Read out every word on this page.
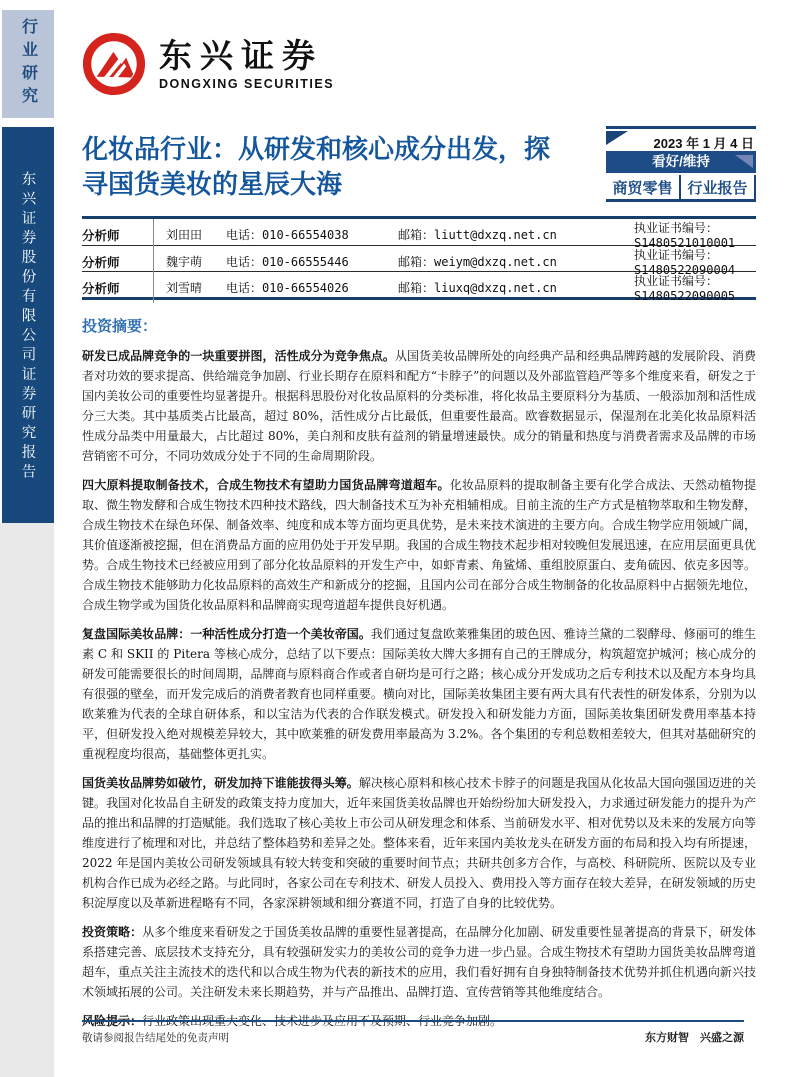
行业研究
东兴证券股份有限公司证券研究报告
东兴证券
DONGXING SECURITIES
化妆品行业：从研发和核心成分出发，探
寻国货美妆的星辰大海
2023 年 1 月 4 日
看好/维持
商贸零售 行业报告
分析师	刘田田	电话：010-66554038	邮箱：liutt@dxzq.net.cn	执业证书编号：S1480521010001
分析师	魏宇萌	电话：010-66555446	邮箱：weiym@dxzq.net.cn	执业证书编号：S1480522090004
分析师	刘雪晴	电话：010-66554026	邮箱：liuxq@dxzq.net.cn	执业证书编号：S1480522090005
投资摘要：

研发已成品牌竞争的一块重要拼图，活性成分为竞争焦点。从国货美妆品牌所处的向经典产品和经典品牌跨越的发展阶段、消费者对功效的要求提高、供给端竞争加剧、行业长期存在原料和配方“卡脖子”的问题以及外部监管趋严等多个维度来看，研发之于国内美妆公司的重要性均显著提升。根据科思股份对化妆品原料的分类标准，将化妆品主要原料分为基质、一般添加剂和活性成分三大类。其中基质类占比最高，超过 80%，活性成分占比最低，但重要性最高。欧睿数据显示，保湿剂在北美化妆品原料活性成分品类中用量最大，占比超过 80%，美白剂和皮肤有益剂的销量增速最快。成分的销量和热度与消费者需求及品牌的市场营销密不可分，不同功效成分处于不同的生命周期阶段。

四大原料提取制备技术，合成生物技术有望助力国货品牌弯道超车。化妆品原料的提取制备主要有化学合成法、天然动植物提取、微生物发酵和合成生物技术四种技术路线，四大制备技术互为补充相辅相成。目前主流的生产方式是植物萃取和生物发酵，合成生物技术在绿色环保、制备效率、纯度和成本等方面均更具优势，是未来技术演进的主要方向。合成生物学应用领域广阔，其价值逐渐被挖掘，但在消费品方面的应用仍处于开发早期。我国的合成生物技术起步相对较晚但发展迅速，在应用层面更具优势。合成生物技术已经被应用到了部分化妆品原料的开发生产中，如虾青素、角鲨烯、重组胶原蛋白、麦角硫因、依克多因等。合成生物技术能够助力化妆品原料的高效生产和新成分的挖掘，且国内公司在部分合成生物制备的化妆品原料中占据领先地位，合成生物学或为国货化妆品原料和品牌商实现弯道超车提供良好机遇。

复盘国际美妆品牌：一种活性成分打造一个美妆帝国。我们通过复盘欧莱雅集团的玻色因、雅诗兰黛的二裂酵母、修丽可的维生素 C 和 SKII 的 Pitera 等核心成分，总结了以下要点：国际美妆大牌大多拥有自己的王牌成分，构筑超宽护城河；核心成分的研发可能需要很长的时间周期，品牌商与原料商合作或者自研均是可行之路；核心成分开发成功之后专利技术以及配方本身均具有很强的壁垒，而开发完成后的消费者教育也同样重要。横向对比，国际美妆集团主要有两大具有代表性的研发体系，分别为以欧莱雅为代表的全球自研体系，和以宝洁为代表的合作联发模式。研发投入和研发能力方面，国际美妆集团研发费用率基本持平，但研发投入绝对规模差异较大，其中欧莱雅的研发费用率最高为 3.2%。各个集团的专利总数相差较大，但其对基础研究的重视程度均很高，基础整体更扎实。

国货美妆品牌势如破竹，研发加持下谁能拔得头筹。解决核心原料和核心技术卡脖子的问题是我国从化妆品大国向强国迈进的关键。我国对化妆品自主研发的政策支持力度加大，近年来国货美妆品牌也开始纷纷加大研发投入，力求通过研发能力的提升为产品的推出和品牌的打造赋能。我们选取了核心美妆上市公司从研发理念和体系、当前研发水平、相对优势以及未来的发展方向等维度进行了梳理和对比，并总结了整体趋势和差异之处。整体来看，近年来国内美妆龙头在研发方面的布局和投入均有所提速，2022 年是国内美妆公司研发领域具有较大转变和突破的重要时间节点；共研共创多方合作，与高校、科研院所、医院以及专业机构合作已成为必经之路。与此同时，各家公司在专利技术、研发人员投入、费用投入等方面存在较大差异，在研发领域的历史积淀厚度以及革新进程略有不同，各家深耕领域和细分赛道不同，打造了自身的比较优势。

投资策略：从多个维度来看研发之于国货美妆品牌的重要性显著提高，在品牌分化加剧、研发重要性显著提高的背景下，研发体系搭建完善、底层技术支持充分，具有较强研发实力的美妆公司的竞争力进一步凸显。合成生物技术有望助力国货美妆品牌弯道超车，重点关注主流技术的迭代和以合成生物为代表的新技术的应用，我们看好拥有自身独特制备技术优势并抓住机遇向新兴技术领域拓展的公司。关注研发未来长期趋势，并与产品推出、品牌打造、宣传营销等其他维度结合。

风险提示：行业政策出现重大变化、技术进步及应用不及预期、行业竞争加剧。

敬请参阅报告结尾处的免责声明	东方财智　兴盛之源
